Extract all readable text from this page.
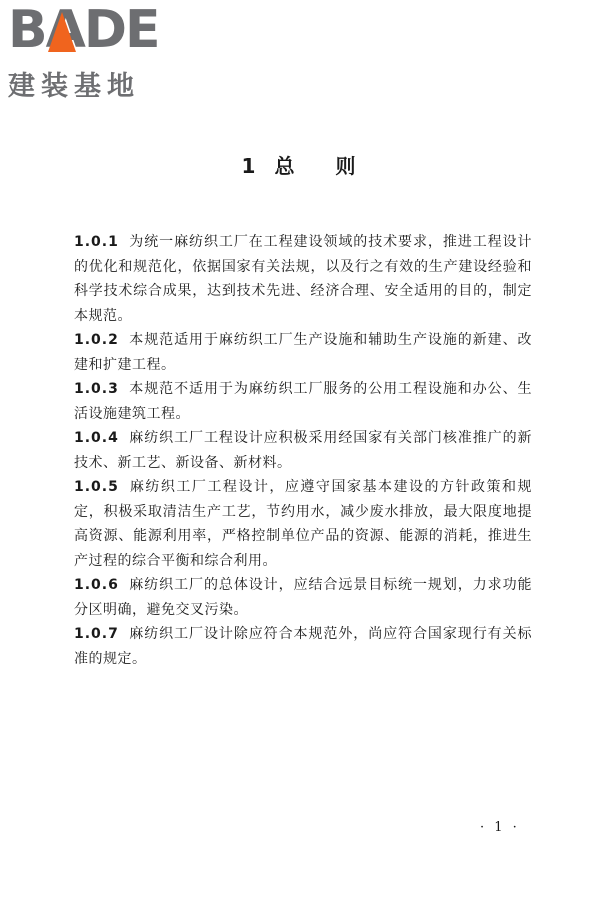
BADE
建装基地
1 总 则

1.0.1 为统一麻纺织工厂在工程建设领域的技术要求，推进工程设计的优化和规范化，依据国家有关法规，以及行之有效的生产建设经验和科学技术综合成果，达到技术先进、经济合理、安全适用的目的，制定本规范。

1.0.2 本规范适用于麻纺织工厂生产设施和辅助生产设施的新建、改建和扩建工程。

1.0.3 本规范不适用于为麻纺织工厂服务的公用工程设施和办公、生活设施建筑工程。

1.0.4 麻纺织工厂工程设计应积极采用经国家有关部门核准推广的新技术、新工艺、新设备、新材料。

1.0.5 麻纺织工厂工程设计，应遵守国家基本建设的方针政策和规定，积极采取清洁生产工艺，节约用水，减少废水排放，最大限度地提高资源、能源利用率，严格控制单位产品的资源、能源的消耗，推进生产过程的综合平衡和综合利用。

1.0.6 麻纺织工厂的总体设计，应结合远景目标统一规划，力求功能分区明确，避免交叉污染。

1.0.7 麻纺织工厂设计除应符合本规范外，尚应符合国家现行有关标准的规定。

· 1 ·
